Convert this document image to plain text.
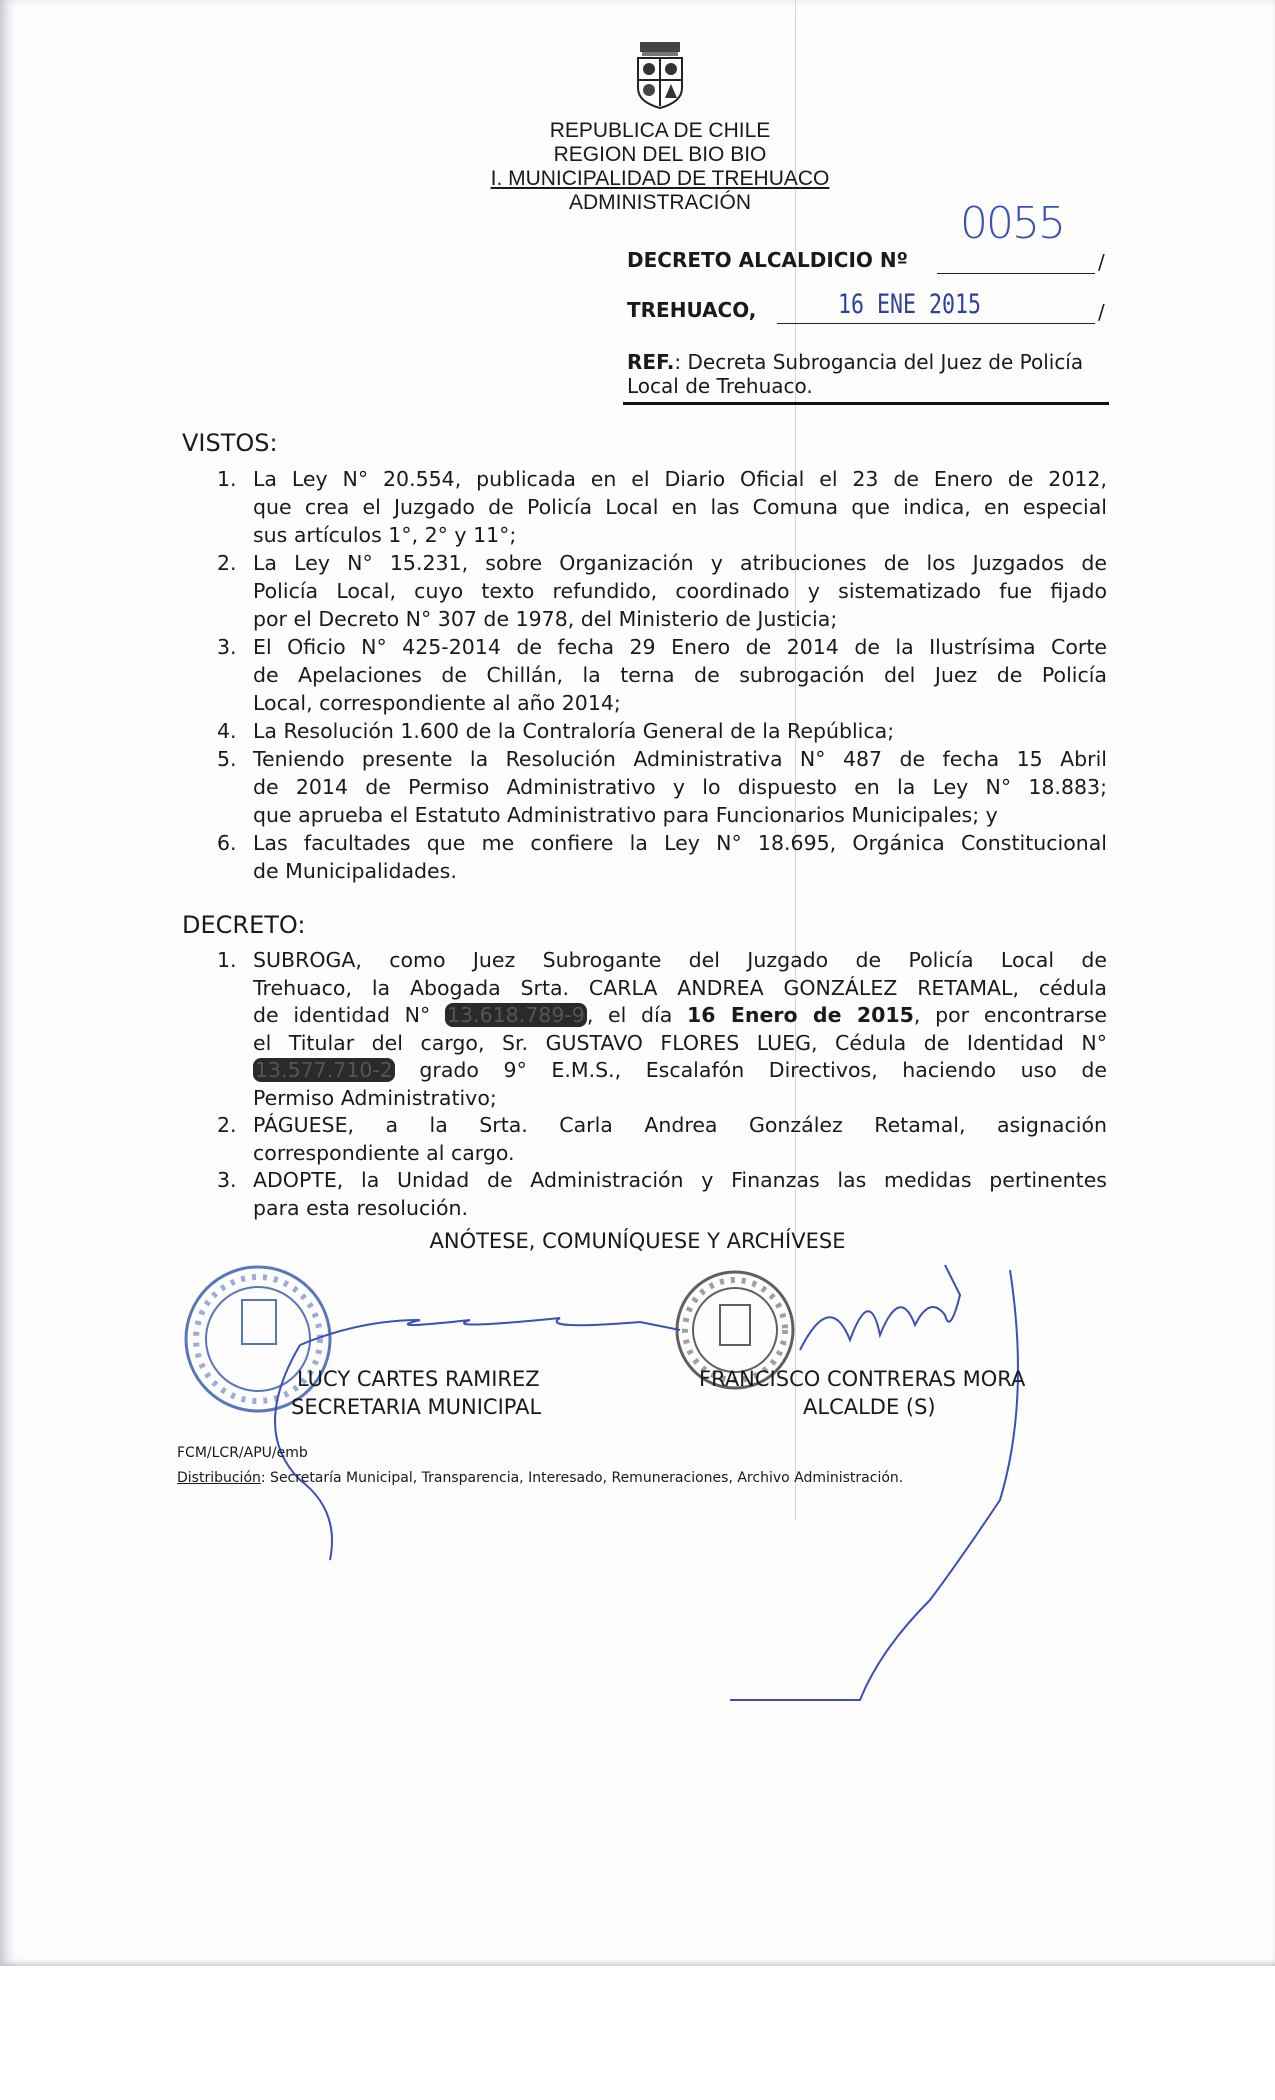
REPUBLICA DE CHILE
REGION DEL BIO BIO
I. MUNICIPALIDAD DE TREHUACO
ADMINISTRACIÓN
DECRETO ALCALDICIO Nº	/
0055
TREHUACO,	/
16 ENE 2015
REF.: Decreta Subrogancia del Juez de Policía
Local de Trehuaco.
VISTOS:
1. La Ley N° 20.554, publicada en el Diario Oficial el 23 de Enero de 2012,
que crea el Juzgado de Policía Local en las Comuna que indica, en especial
sus artículos 1°, 2° y 11°;
2. La Ley N° 15.231, sobre Organización y atribuciones de los Juzgados de
Policía Local, cuyo texto refundido, coordinado y sistematizado fue fijado
por el Decreto N° 307 de 1978, del Ministerio de Justicia;
3. El Oficio N° 425-2014 de fecha 29 Enero de 2014 de la Ilustrísima Corte
de Apelaciones de Chillán, la terna de subrogación del Juez de Policía
Local, correspondiente al año 2014;
4. La Resolución 1.600 de la Contraloría General de la República;
5. Teniendo presente la Resolución Administrativa N° 487 de fecha 15 Abril
de 2014 de Permiso Administrativo y lo dispuesto en la Ley N° 18.883;
que aprueba el Estatuto Administrativo para Funcionarios Municipales; y
6. Las facultades que me confiere la Ley N° 18.695, Orgánica Constitucional
de Municipalidades.
DECRETO:
1. SUBROGA, como Juez Subrogante del Juzgado de Policía Local de
Trehuaco, la Abogada Srta. CARLA ANDREA GONZÁLEZ RETAMAL, cédula
de identidad N° 13.618.789-9, el día 16 Enero de 2015, por encontrarse
el Titular del cargo, Sr. GUSTAVO FLORES LUEG, Cédula de Identidad N°
13.577.710-2 grado 9° E.M.S., Escalafón Directivos, haciendo uso de
Permiso Administrativo;
2. PÁGUESE, a la Srta. Carla Andrea González Retamal, asignación
correspondiente al cargo.
3. ADOPTE, la Unidad de Administración y Finanzas las medidas pertinentes
para esta resolución.
ANÓTESE, COMUNÍQUESE Y ARCHÍVESE
LUCY CARTES RAMIREZ
SECRETARIA MUNICIPAL
FRANCISCO CONTRERAS MORA
ALCALDE (S)
FCM/LCR/APU/emb
Distribución: Secretaría Municipal, Transparencia, Interesado, Remuneraciones, Archivo Administración.
